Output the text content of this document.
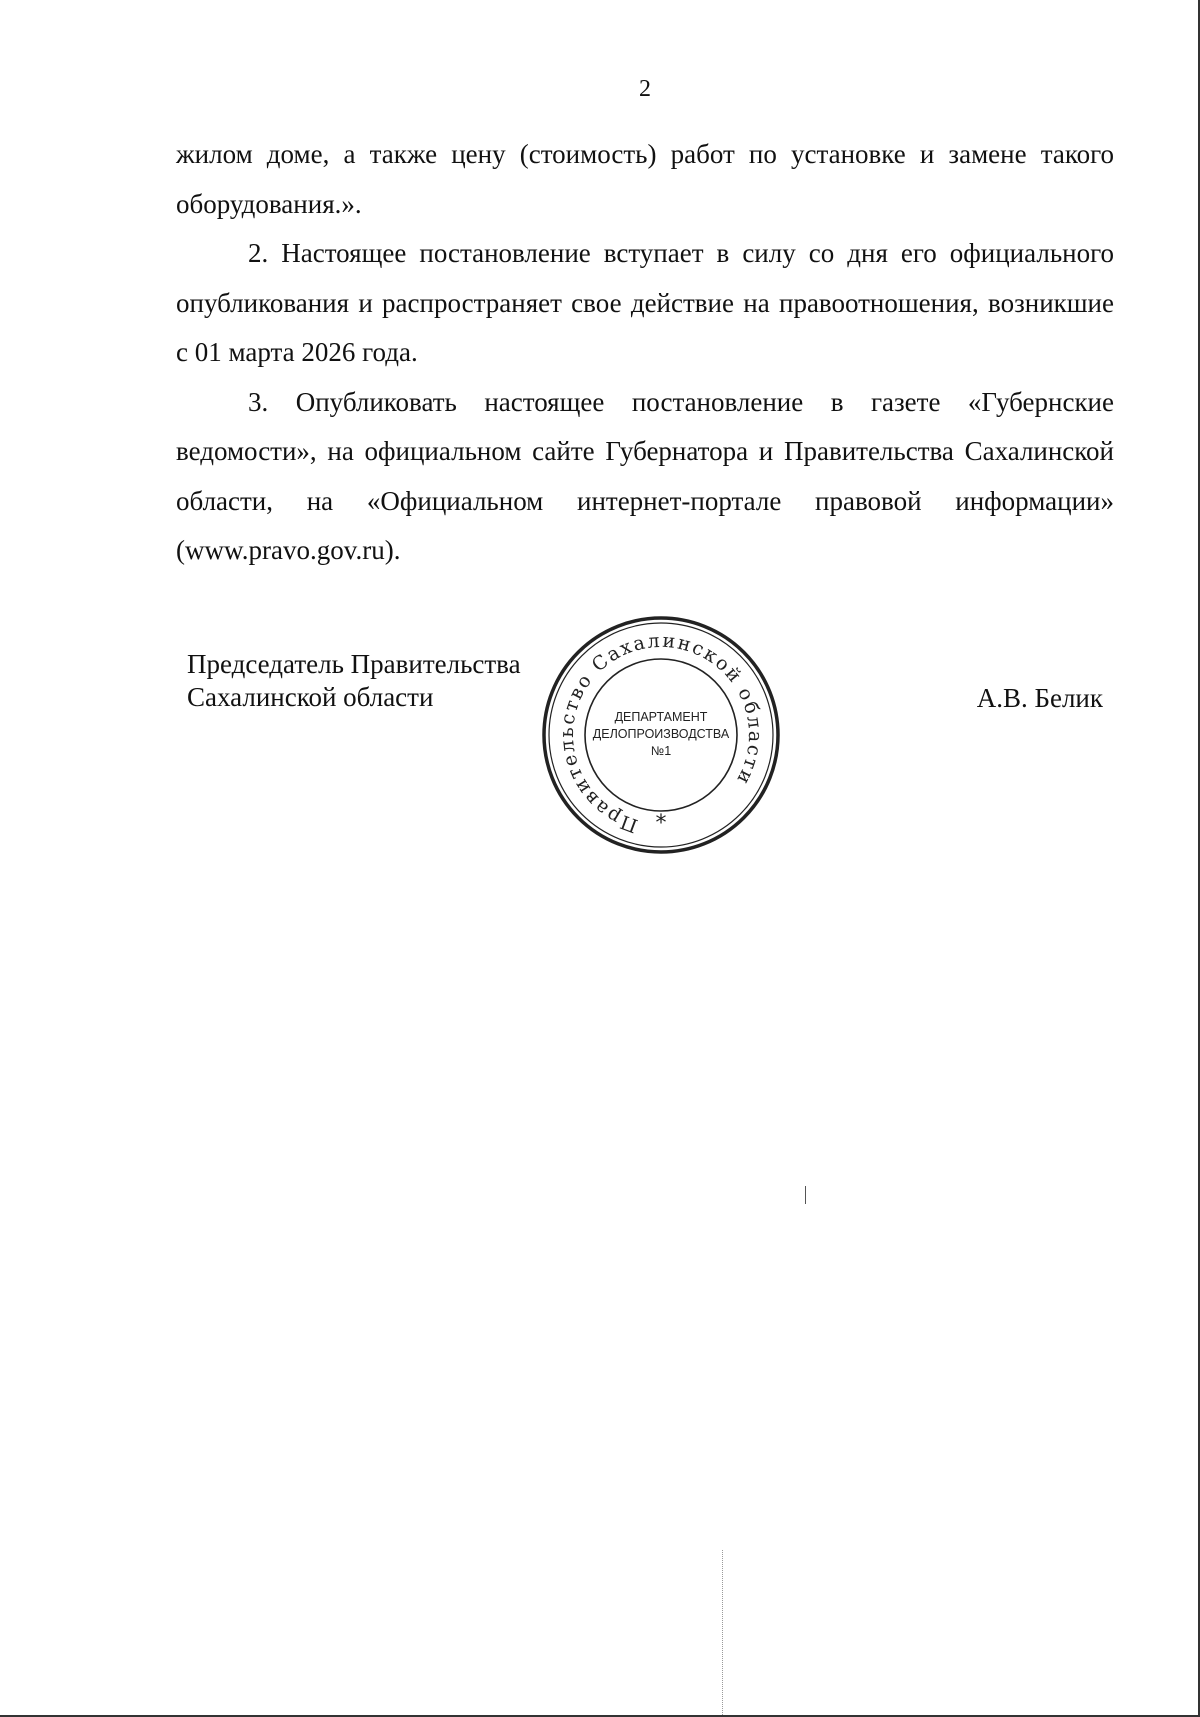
2

жилом доме, а также цену (стоимость) работ по установке и замене такого оборудования.».

2. Настоящее постановление вступает в силу со дня его официального опубликования и распространяет свое действие на правоотношения, возникшие с 01 марта 2026 года.

3. Опубликовать настоящее постановление в газете «Губернские ведомости», на официальном сайте Губернатора и Правительства Сахалинской области, на «Официальном интернет-портале правовой информации» (www.pravo.gov.ru).

Председатель Правительства
Сахалинской области
Правительство Сахалинской области
*
ДЕПАРТАМЕНТ
ДЕЛОПРОИЗВОДСТВА
№1
А.В. Белик
